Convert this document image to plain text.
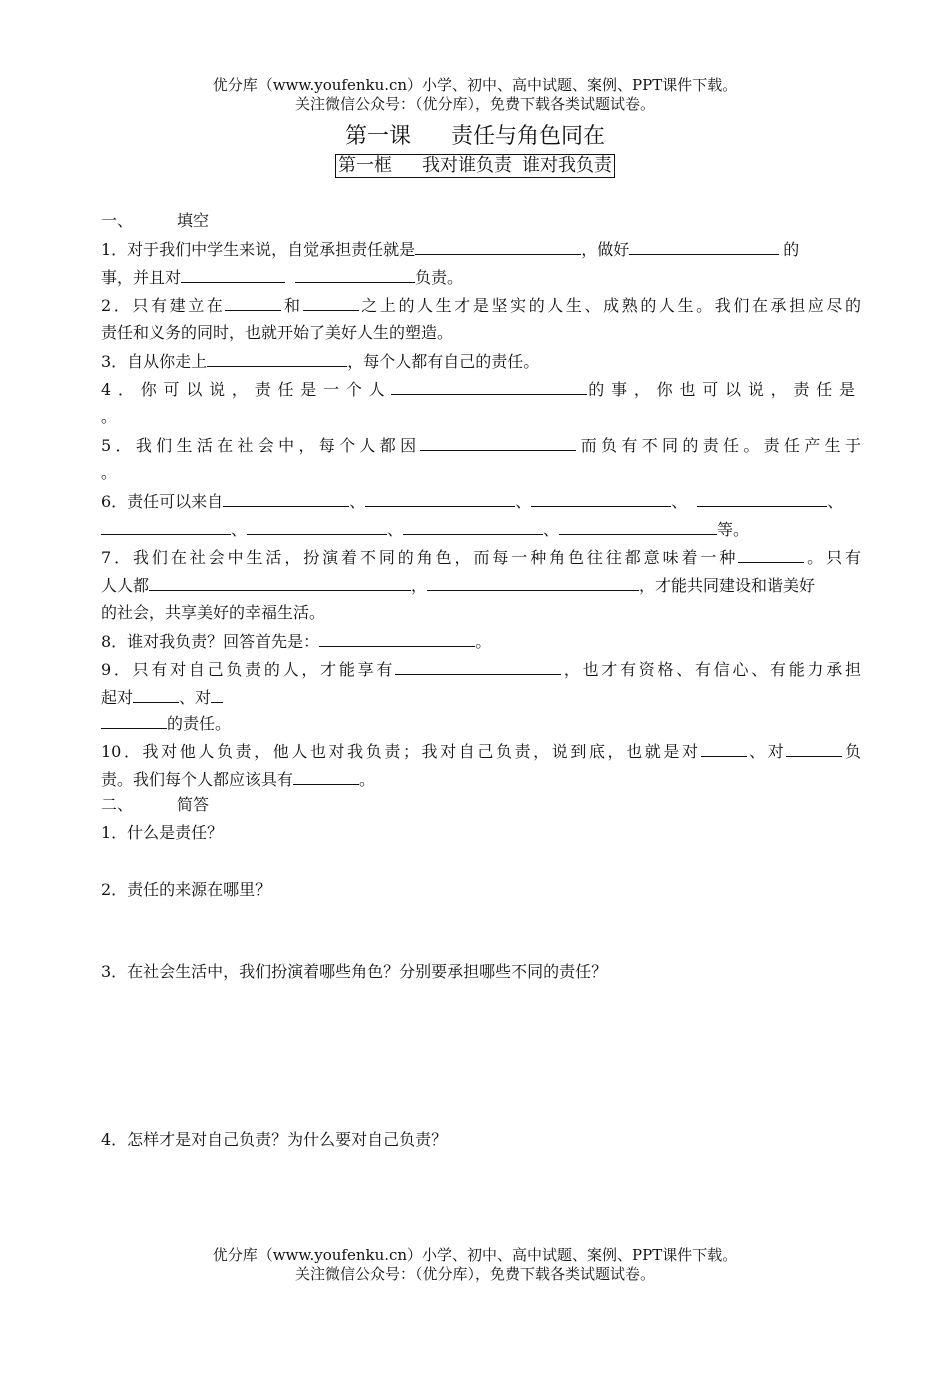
优分库（www.youfenku.cn）小学、初中、高中试题、案例、PPT课件下载。
关注微信公众号：（优分库），免费下载各类试题试卷。
第一课 责任与角色同在
第一框 我对谁负责 谁对我负责
一、	填空
1．对于我们中学生来说，自觉承担责任就是	，做好	的
事，并且对	负责。
2．只有建立在	和	之上的人生才是坚实的人生、成熟的人生。我们在承担应尽的
责任和义务的同时，也就开始了美好人生的塑造。
3．自从你走上	，每个人都有自己的责任。
4．你可以说，责任是一个人	的事，你也可以说，责任是
。
5．我们生活在社会中，每个人都因	而负有不同的责任。责任产生于
。
6．责任可以来自	、	、	、	、
、	、	、	等。
7．我们在社会中生活，扮演着不同的角色，而每一种角色往往都意味着一种	。只有
人人都	，	，才能共同建设和谐美好
的社会，共享美好的幸福生活。
8．谁对我负责？回答首先是：	。
9．只有对自己负责的人，才能享有	，也才有资格、有信心、有能力承担
起对	、对
的责任。
10．我对他人负责，他人也对我负责；我对自己负责，说到底，也就是对	、对	负
责。我们每个人都应该具有	。
二、	简答
1．什么是责任？
2．责任的来源在哪里？
3．在社会生活中，我们扮演着哪些角色？分别要承担哪些不同的责任？
4．怎样才是对自己负责？为什么要对自己负责？
优分库（www.youfenku.cn）小学、初中、高中试题、案例、PPT课件下载。
关注微信公众号：（优分库），免费下载各类试题试卷。
